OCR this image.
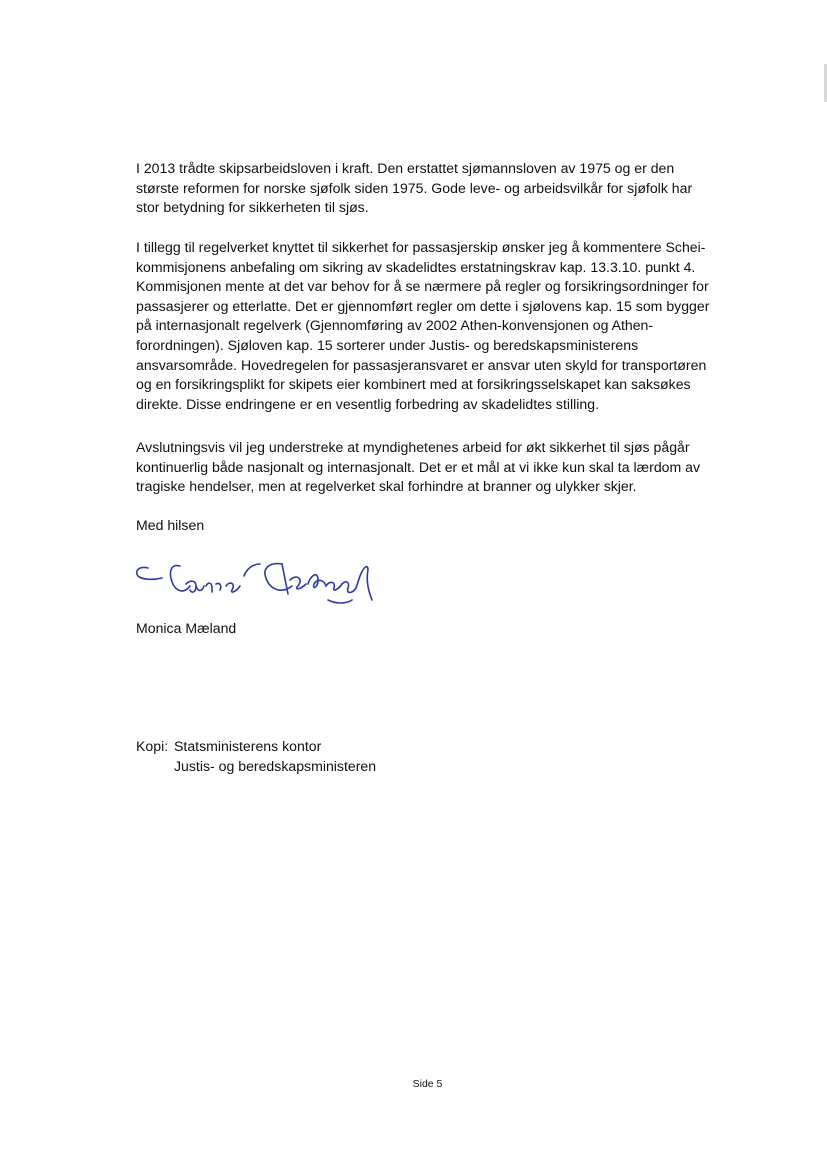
I 2013 trådte skipsarbeidsloven i kraft. Den erstattet sjømannsloven av 1975 og er den
største reformen for norske sjøfolk siden 1975. Gode leve- og arbeidsvilkår for sjøfolk har
stor betydning for sikkerheten til sjøs.

I tillegg til regelverket knyttet til sikkerhet for passasjerskip ønsker jeg å kommentere Schei-
kommisjonens anbefaling om sikring av skadelidtes erstatningskrav kap. 13.3.10. punkt 4.
Kommisjonen mente at det var behov for å se nærmere på regler og forsikringsordninger for
passasjerer og etterlatte. Det er gjennomført regler om dette i sjølovens kap. 15 som bygger
på internasjonalt regelverk (Gjennomføring av 2002 Athen-konvensjonen og Athen-
forordningen). Sjøloven kap. 15 sorterer under Justis- og beredskapsministerens
ansvarsområde. Hovedregelen for passasjeransvaret er ansvar uten skyld for transportøren
og en forsikringsplikt for skipets eier kombinert med at forsikringsselskapet kan saksøkes
direkte. Disse endringene er en vesentlig forbedring av skadelidtes stilling.

Avslutningsvis vil jeg understreke at myndighetenes arbeid for økt sikkerhet til sjøs pågår
kontinuerlig både nasjonalt og internasjonalt. Det er et mål at vi ikke kun skal ta lærdom av
tragiske hendelser, men at regelverket skal forhindre at branner og ulykker skjer.

Med hilsen

Monica Mæland

Kopi: Statsministerens kontor
Justis- og beredskapsministeren
Side 5
